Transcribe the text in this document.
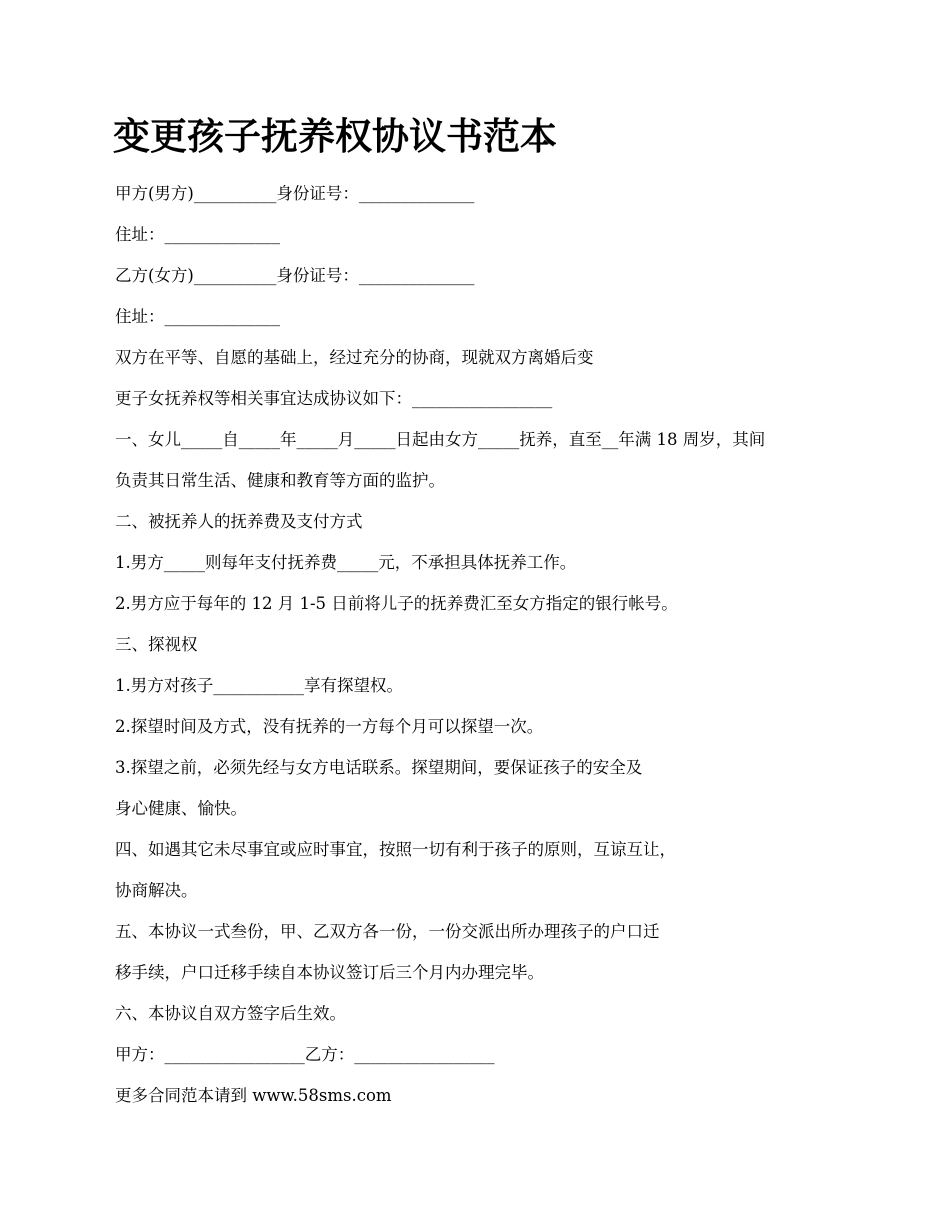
变更孩子抚养权协议书范本
甲方(男方)__________身份证号：______________
住址：______________
乙方(女方)__________身份证号：______________
住址：______________
双方在平等、自愿的基础上，经过充分的协商，现就双方离婚后变
更子女抚养权等相关事宜达成协议如下：_________________
一、女儿_____自_____年_____月_____日起由女方_____抚养，直至__年满 18 周岁，其间
负责其日常生活、健康和教育等方面的监护。
二、被抚养人的抚养费及支付方式
1.男方_____则每年支付抚养费_____元，不承担具体抚养工作。
2.男方应于每年的 12 月 1-5 日前将儿子的抚养费汇至女方指定的银行帐号。
三、探视权
1.男方对孩子___________享有探望权。
2.探望时间及方式，没有抚养的一方每个月可以探望一次。
3.探望之前，必须先经与女方电话联系。探望期间，要保证孩子的安全及
身心健康、愉快。
四、如遇其它未尽事宜或应时事宜，按照一切有利于孩子的原则，互谅互让，
协商解决。
五、本协议一式叁份，甲、乙双方各一份，一份交派出所办理孩子的户口迁
移手续，户口迁移手续自本协议签订后三个月内办理完毕。
六、本协议自双方签字后生效。
甲方：_________________乙方：_________________
更多合同范本请到 www.58sms.com
